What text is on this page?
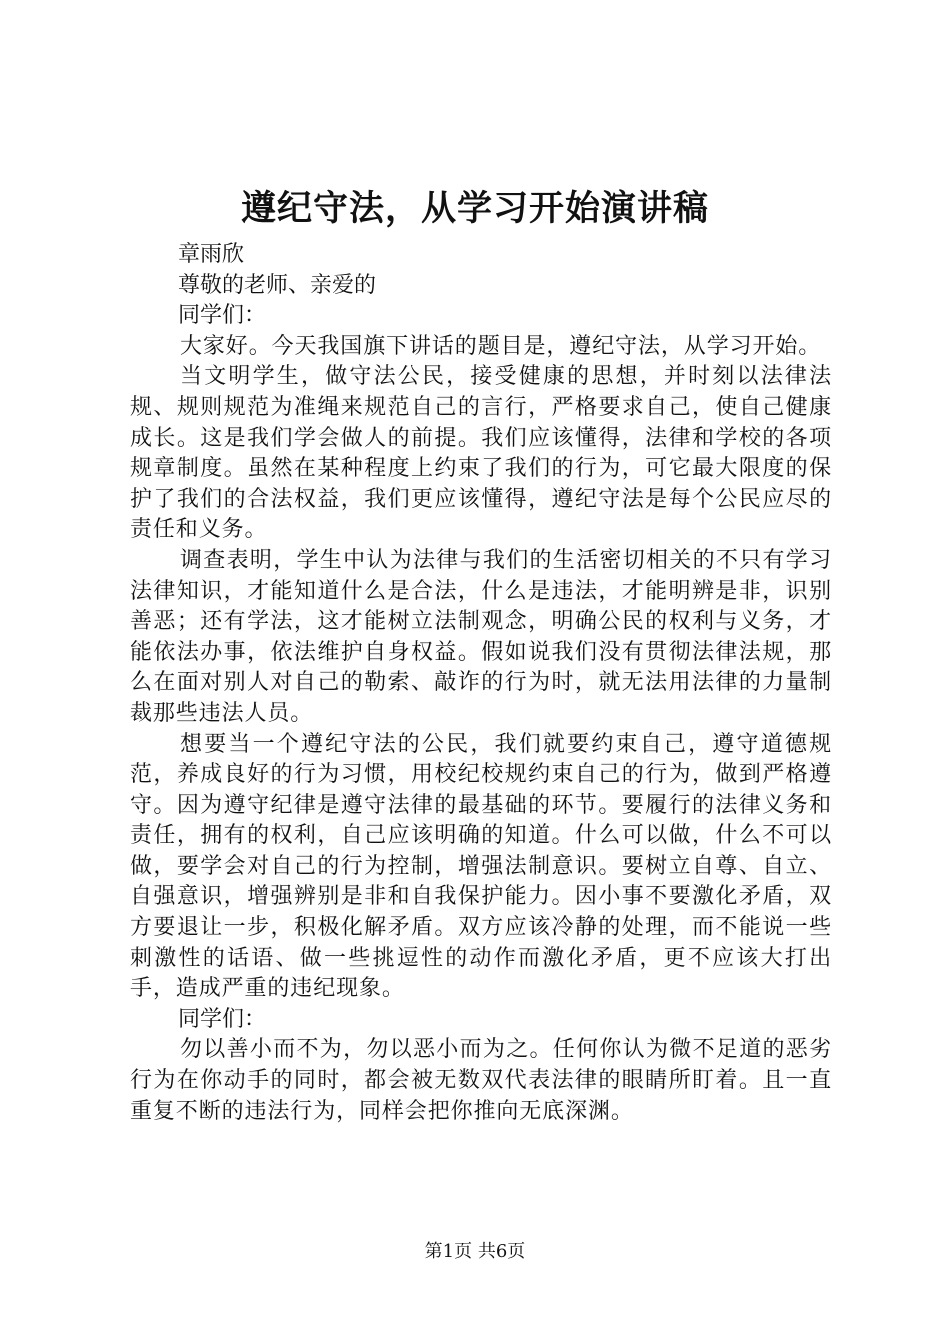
遵纪守法，从学习开始演讲稿

章雨欣

尊敬的老师、亲爱的

同学们：

大家好。今天我国旗下讲话的题目是，遵纪守法，从学习开始。

当文明学生，做守法公民，接受健康的思想，并时刻以法律法规、规则规范为准绳来规范自己的言行，严格要求自己，使自己健康成长。这是我们学会做人的前提。我们应该懂得，法律和学校的各项规章制度。虽然在某种程度上约束了我们的行为，可它最大限度的保护了我们的合法权益，我们更应该懂得，遵纪守法是每个公民应尽的责任和义务。

调查表明，学生中认为法律与我们的生活密切相关的不只有学习法律知识，才能知道什么是合法，什么是违法，才能明辨是非，识别善恶；还有学法，这才能树立法制观念，明确公民的权利与义务，才能依法办事，依法维护自身权益。假如说我们没有贯彻法律法规，那么在面对别人对自己的勒索、敲诈的行为时，就无法用法律的力量制裁那些违法人员。

想要当一个遵纪守法的公民，我们就要约束自己，遵守道德规范，养成良好的行为习惯，用校纪校规约束自己的行为，做到严格遵守。因为遵守纪律是遵守法律的最基础的环节。要履行的法律义务和责任，拥有的权利，自己应该明确的知道。什么可以做，什么不可以做，要学会对自己的行为控制，增强法制意识。要树立自尊、自立、自强意识，增强辨别是非和自我保护能力。因小事不要激化矛盾，双方要退让一步，积极化解矛盾。双方应该冷静的处理，而不能说一些刺激性的话语、做一些挑逗性的动作而激化矛盾，更不应该大打出手，造成严重的违纪现象。

同学们：

勿以善小而不为，勿以恶小而为之。任何你认为微不足道的恶劣行为在你动手的同时，都会被无数双代表法律的眼睛所盯着。且一直重复不断的违法行为，同样会把你推向无底深渊。

第1页 共6页
